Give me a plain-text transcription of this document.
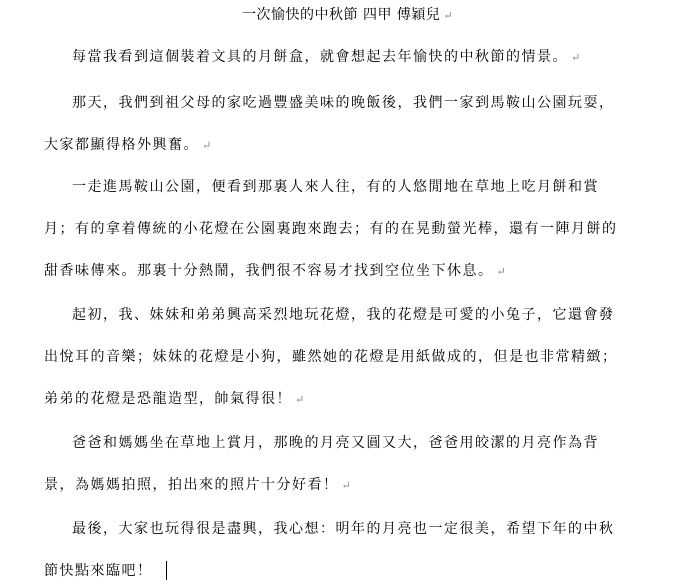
一次愉快的中秋節 四甲 傅穎兒 ↵
每當我看到這個裝着文具的月餅盒，就會想起去年愉快的中秋節的情景。 ↵
那天，我們到祖父母的家吃過豐盛美味的晚飯後，我們一家到馬鞍山公園玩耍，
大家都顯得格外興奮。 ↵
一走進馬鞍山公園，便看到那裏人來人往，有的人悠閒地在草地上吃月餅和賞
月；有的拿着傳統的小花燈在公園裏跑來跑去；有的在晃動螢光棒，還有一陣月餅的
甜香味傳來。那裏十分熱鬧，我們很不容易才找到空位坐下休息。 ↵
起初，我、妹妹和弟弟興高采烈地玩花燈，我的花燈是可愛的小兔子，它還會發
出悅耳的音樂；妹妹的花燈是小狗，雖然她的花燈是用紙做成的，但是也非常精緻；
弟弟的花燈是恐龍造型，帥氣得很！ ↵
爸爸和媽媽坐在草地上賞月，那晚的月亮又圓又大，爸爸用皎潔的月亮作為背
景，為媽媽拍照，拍出來的照片十分好看！ ↵
最後，大家也玩得很是盡興，我心想：明年的月亮也一定很美，希望下年的中秋
節快點來臨吧！
